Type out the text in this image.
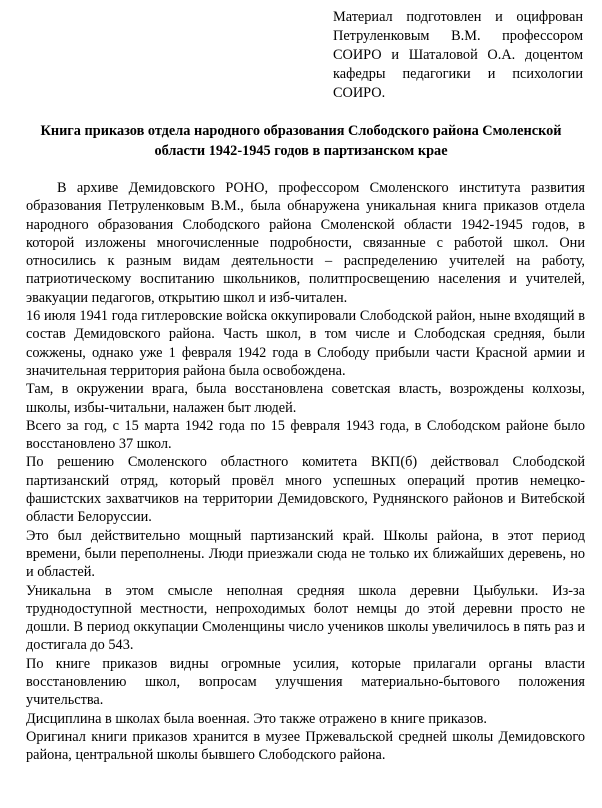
Материал подготовлен и оцифрован Петруленковым В.М. профессором СОИРО и Шаталовой О.А. доцентом кафедры педагогики и психологии СОИРО.

Книга приказов отдела народного образования Слободского района Смоленской области 1942-1945 годов в партизанском крае

В архиве Демидовского РОНО, профессором Смоленского института развития образования Петруленковым В.М., была обнаружена уникальная книга приказов отдела народного образования Слободского района Смоленской области 1942-1945 годов, в которой изложены многочисленные подробности, связанные с работой школ. Они относились к разным видам деятельности – распределению учителей на работу, патриотическому воспитанию школьников, политпросвещению населения и учителей, эвакуации педагогов, открытию школ и изб-читален.

16 июля 1941 года гитлеровские войска оккупировали Слободской район, ныне входящий в состав Демидовского района. Часть школ, в том числе и Слободская средняя, были сожжены, однако уже 1 февраля 1942 года в Слободу прибыли части Красной армии и значительная территория района была освобождена.

Там, в окружении врага, была восстановлена советская власть, возрождены колхозы, школы, избы-читальни, налажен быт людей.

Всего за год, с 15 марта 1942 года по 15 февраля 1943 года, в Слободском районе было восстановлено 37 школ.

По решению Смоленского областного комитета ВКП(б) действовал Слободской партизанский отряд, который провёл много успешных операций против немецко-фашистских захватчиков на территории Демидовского, Руднянского районов и Витебской области Белоруссии.

Это был действительно мощный партизанский край. Школы района, в этот период времени, были переполнены. Люди приезжали сюда не только их ближайших деревень, но и областей.

Уникальна в этом смысле неполная средняя школа деревни Цыбульки. Из-за труднодоступной местности, непроходимых болот немцы до этой деревни просто не дошли. В период оккупации Смоленщины число учеников школы увеличилось в пять раз и достигала до 543.

По книге приказов видны огромные усилия, которые прилагали органы власти восстановлению школ, вопросам улучшения материально-бытового положения учительства.

Дисциплина в школах была военная. Это также отражено в книге приказов.

Оригинал книги приказов хранится в музее Пржевальской средней школы Демидовского района, центральной школы бывшего Слободского района.
